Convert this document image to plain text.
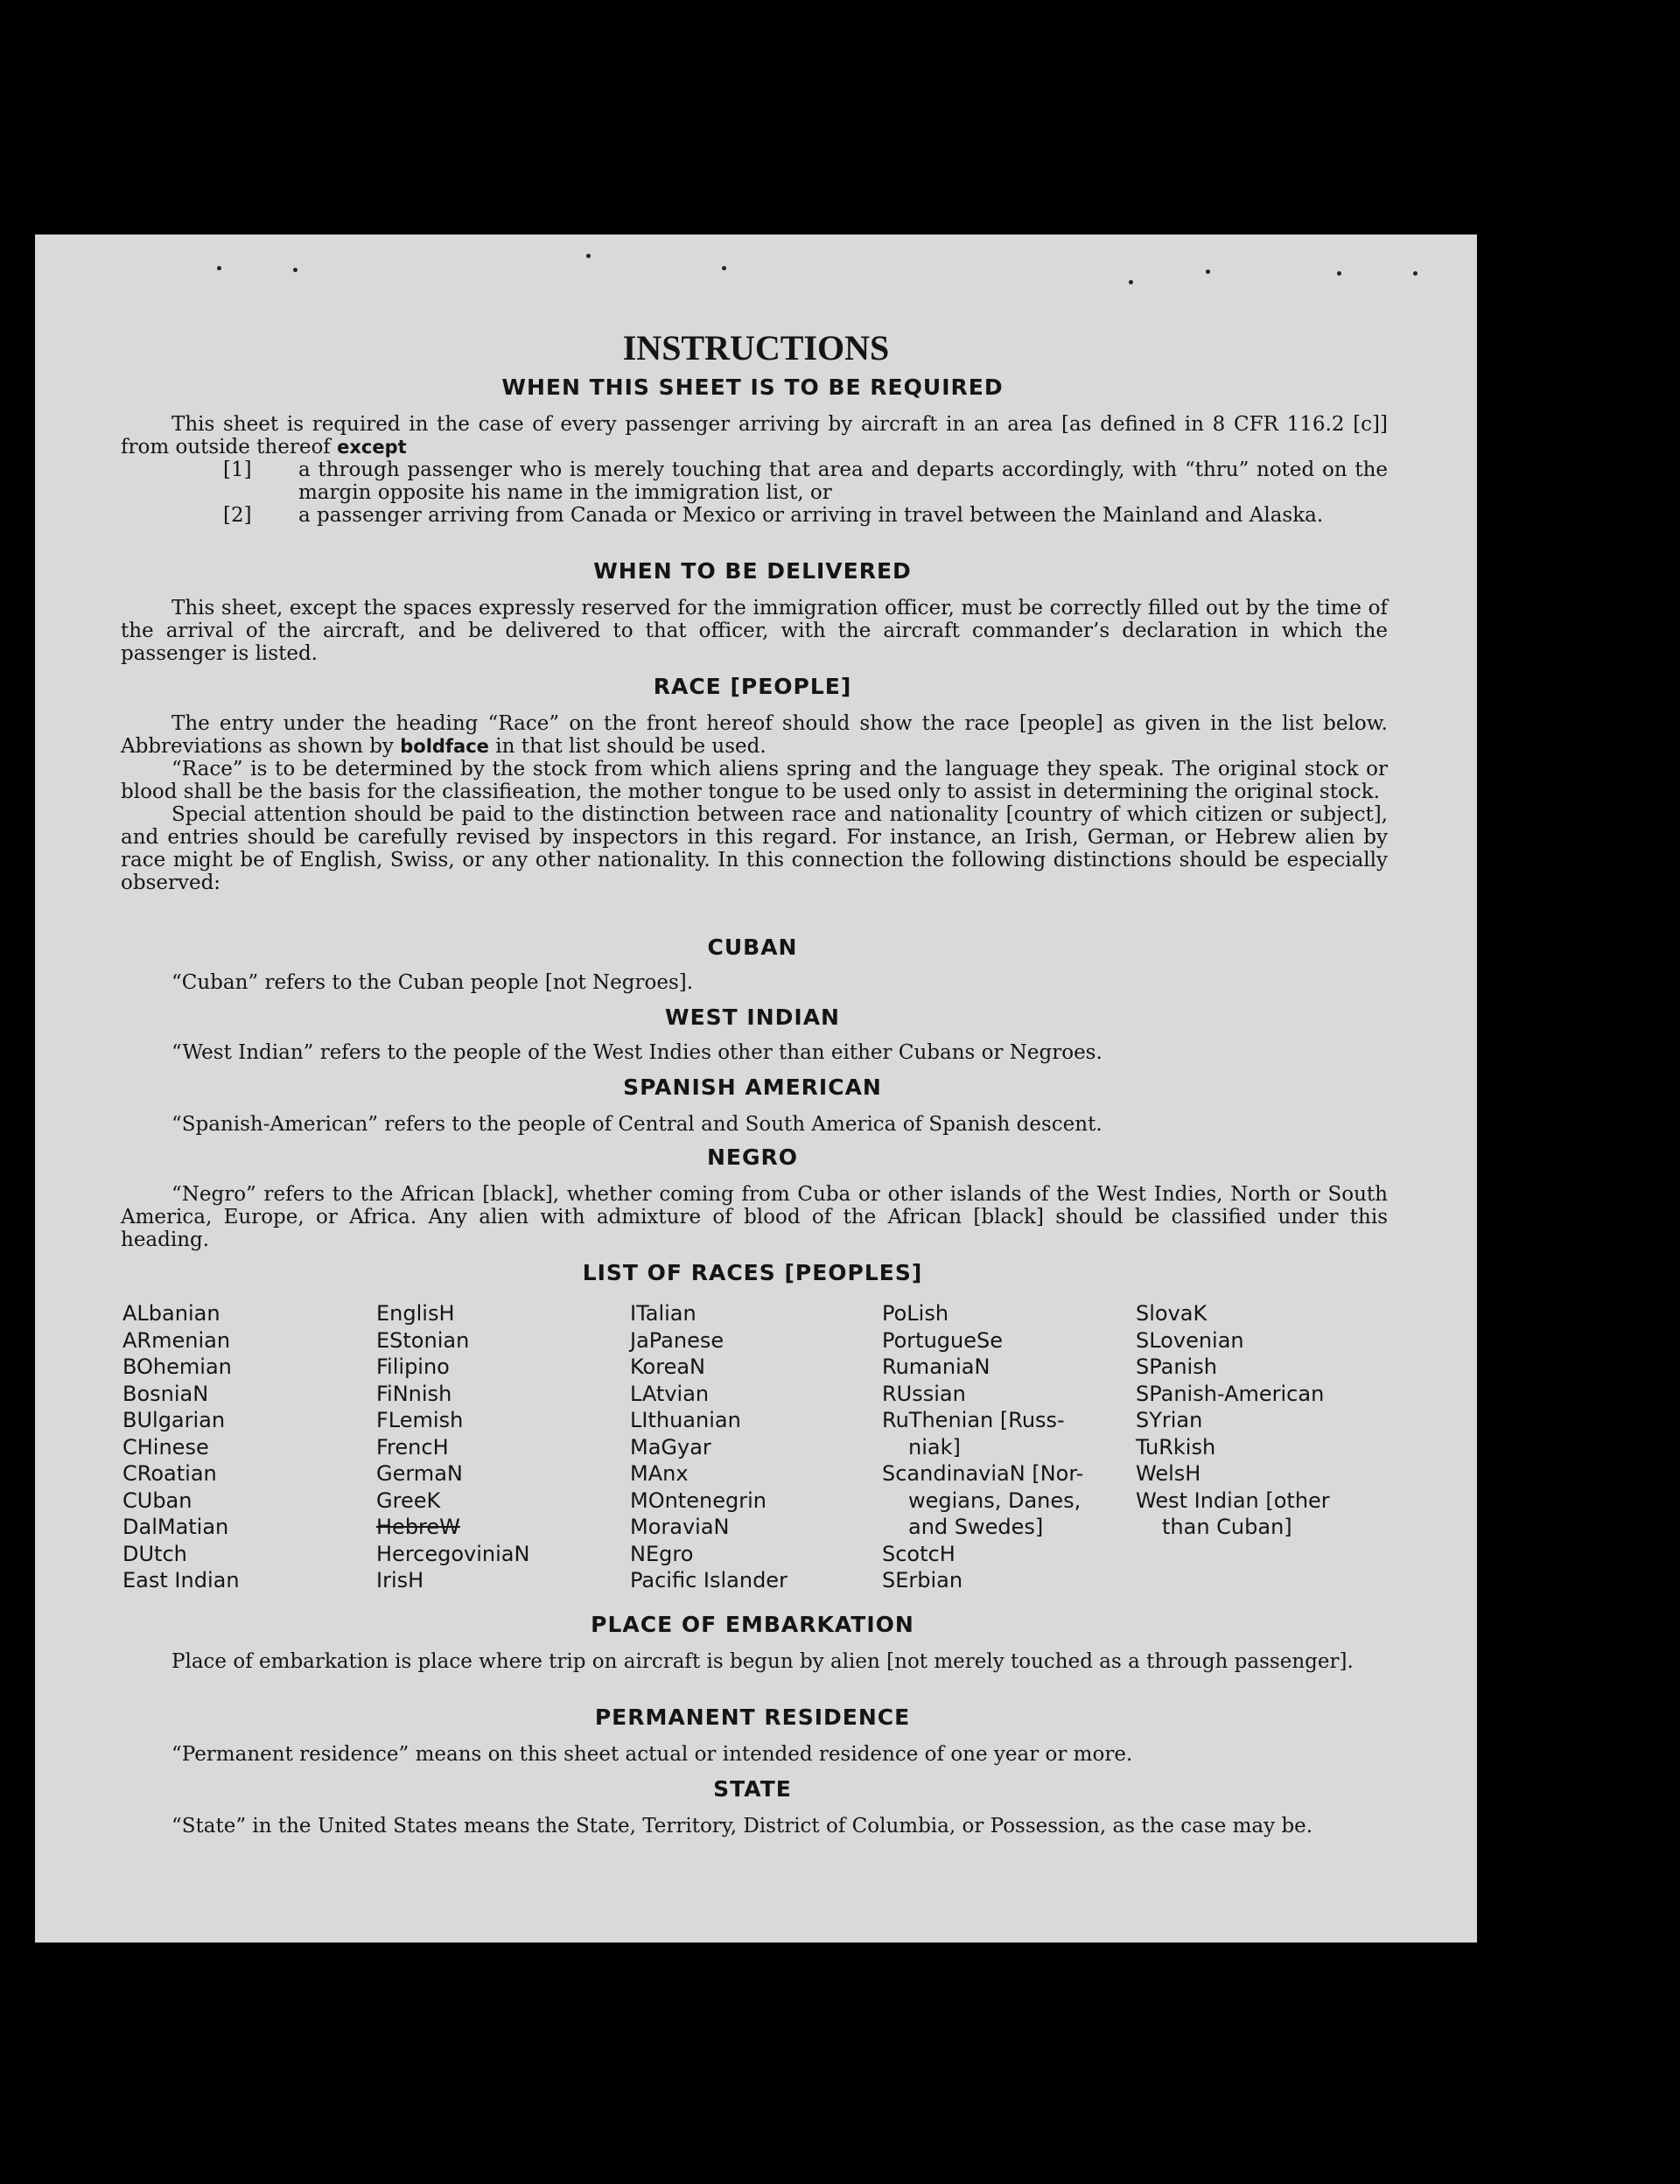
INSTRUCTIONS
WHEN THIS SHEET IS TO BE REQUIRED

This sheet is required in the case of every passenger arriving by aircraft in an area [as defined in 8 CFR 116.2 [c]] from outside thereof except

[1] a through passenger who is merely touching that area and departs accordingly, with “thru” noted on the margin opposite his name in the immigration list, or
[2] a passenger arriving from Canada or Mexico or arriving in travel between the Mainland and Alaska.
WHEN TO BE DELIVERED

This sheet, except the spaces expressly reserved for the immigration officer, must be correctly filled out by the time of the arrival of the aircraft, and be delivered to that officer, with the aircraft commander’s declaration in which the passenger is listed.

RACE [PEOPLE]

The entry under the heading “Race” on the front hereof should show the race [people] as given in the list below. Abbreviations as shown by boldface in that list should be used.

“Race” is to be determined by the stock from which aliens spring and the language they speak. The original stock or blood shall be the basis for the classifieation, the mother tongue to be used only to assist in determining the original stock.

Special attention should be paid to the distinction between race and nationality [country of which citizen or subject], and entries should be carefully revised by inspectors in this regard. For instance, an Irish, German, or Hebrew alien by race might be of English, Swiss, or any other nationality. In this connection the following distinctions should be especially observed:

CUBAN

“Cuban” refers to the Cuban people [not Negroes].

WEST INDIAN

“West Indian” refers to the people of the West Indies other than either Cubans or Negroes.

SPANISH AMERICAN

“Spanish-American” refers to the people of Central and South America of Spanish descent.

NEGRO

“Negro” refers to the African [black], whether coming from Cuba or other islands of the West Indies, North or South America, Europe, or Africa. Any alien with admixture of blood of the African [black] should be classified under this heading.

LIST OF RACES [PEOPLES]
ALbanian
ARmenian
BOhemian
BosniaN
BUlgarian
CHinese
CRoatian
CUban
DalMatian
DUtch
East Indian
EnglisH
EStonian
Filipino
FiNnish
FLemish
FrencH
GermaN
GreeK
HebreW
HercegoviniaN
IrisH
ITalian
JaPanese
KoreaN
LAtvian
LIthuanian
MaGyar
MAnx
MOntenegrin
MoraviaN
NEgro
Pacific Islander
PoLish
PortugueSe
RumaniaN
RUssian
RuThenian [Russ-
niak]
ScandinaviaN [Nor-
wegians, Danes,
and Swedes]
ScotcH
SErbian
SlovaK
SLovenian
SPanish
SPanish-American
SYrian
TuRkish
WelsH
West Indian [other
than Cuban]
PLACE OF EMBARKATION

Place of embarkation is place where trip on aircraft is begun by alien [not merely touched as a through passenger].

PERMANENT RESIDENCE

“Permanent residence” means on this sheet actual or intended residence of one year or more.

STATE

“State” in the United States means the State, Territory, District of Columbia, or Possession, as the case may be.
